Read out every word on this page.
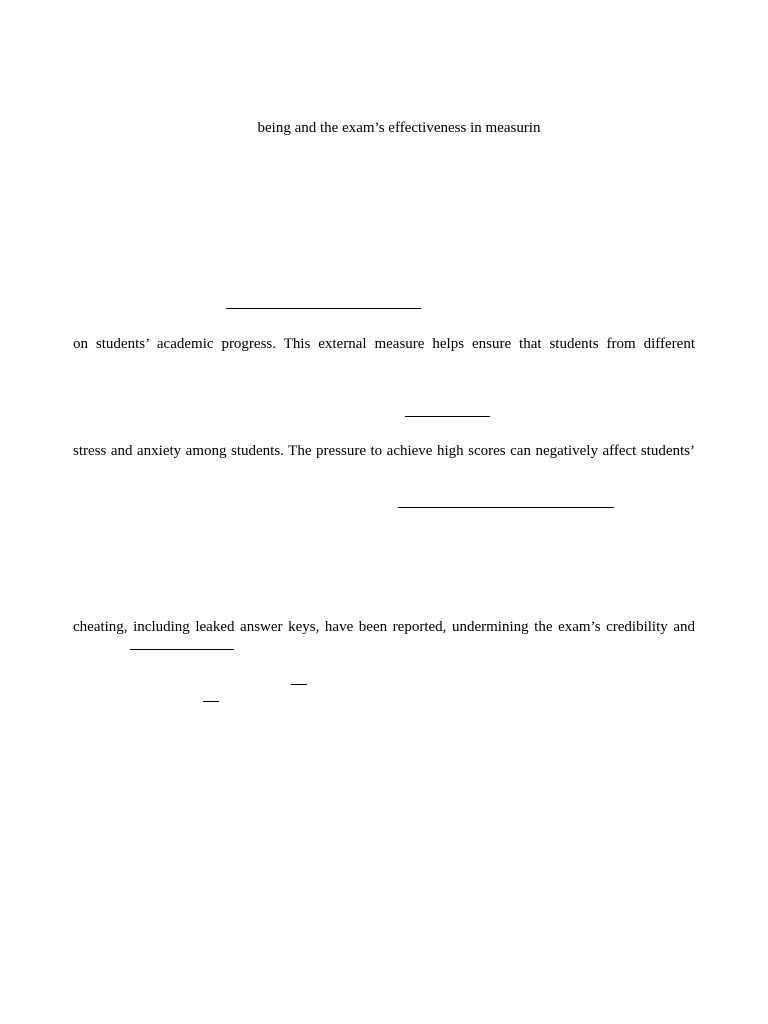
being and the exam’s effectiveness in measurin
on students’ academic progress. This external measure helps ensure that students from different
stress and anxiety among students. The pressure to achieve high scores can negatively affect students’
cheating, including leaked answer keys, have been reported, undermining the exam’s credibility and
